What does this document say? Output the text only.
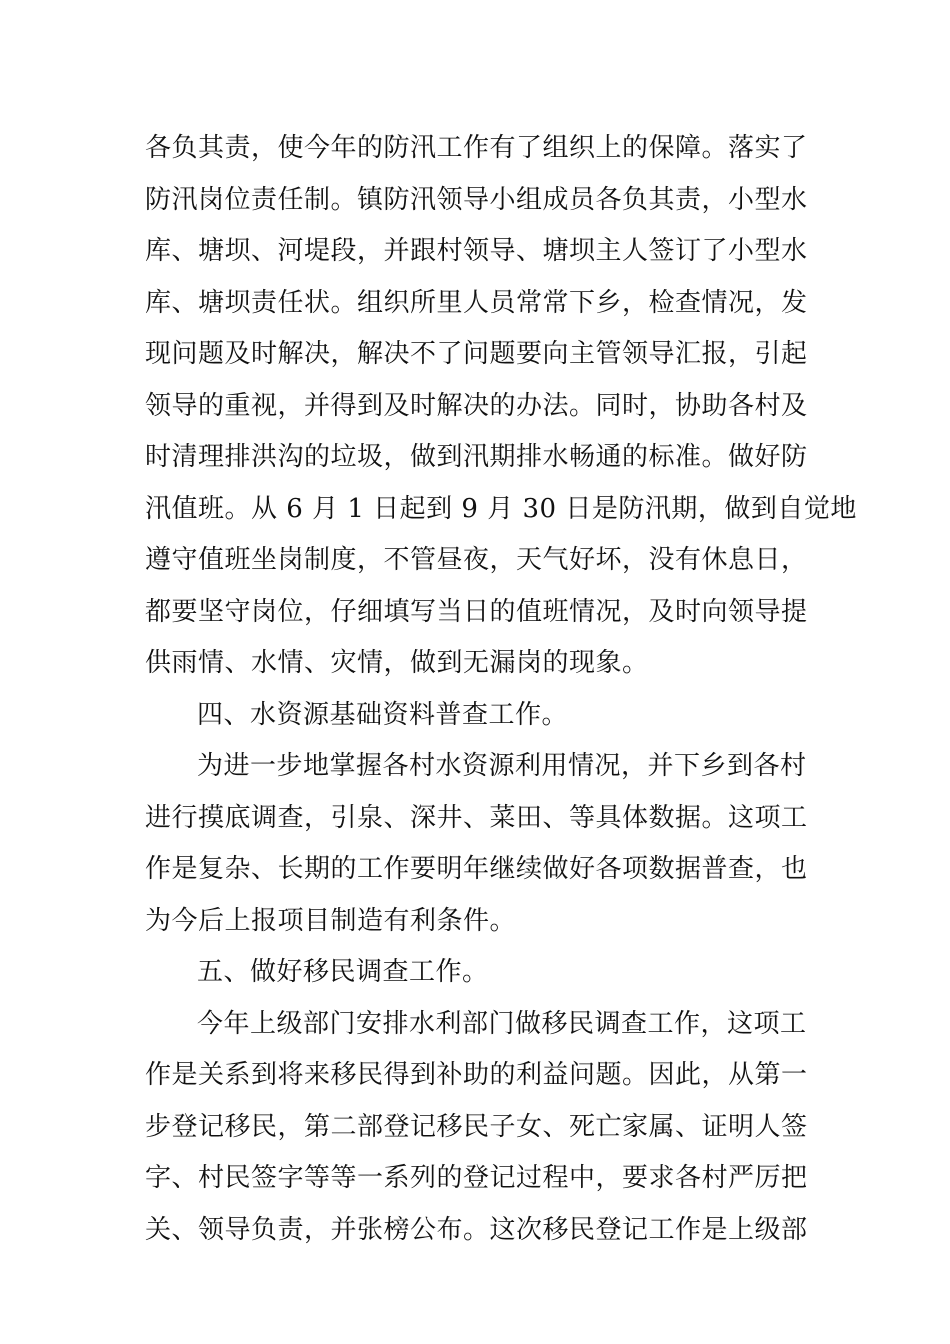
各负其责，使今年的防汛工作有了组织上的保障。落实了
防汛岗位责任制。镇防汛领导小组成员各负其责，小型水
库、塘坝、河堤段，并跟村领导、塘坝主人签订了小型水
库、塘坝责任状。组织所里人员常常下乡，检查情况，发
现问题及时解决，解决不了问题要向主管领导汇报，引起
领导的重视，并得到及时解决的办法。同时，协助各村及
时清理排洪沟的垃圾，做到汛期排水畅通的标准。做好防
汛值班。从 6 月 1 日起到 9 月 30 日是防汛期，做到自觉地
遵守值班坐岗制度，不管昼夜，天气好坏，没有休息日，
都要坚守岗位，仔细填写当日的值班情况，及时向领导提
供雨情、水情、灾情，做到无漏岗的现象。
四、水资源基础资料普查工作。
为进一步地掌握各村水资源利用情况，并下乡到各村
进行摸底调查，引泉、深井、菜田、等具体数据。这项工
作是复杂、长期的工作要明年继续做好各项数据普查，也
为今后上报项目制造有利条件。
五、做好移民调查工作。
今年上级部门安排水利部门做移民调查工作，这项工
作是关系到将来移民得到补助的利益问题。因此，从第一
步登记移民，第二部登记移民子女、死亡家属、证明人签
字、村民签字等等一系列的登记过程中，要求各村严厉把
关、领导负责，并张榜公布。这次移民登记工作是上级部
